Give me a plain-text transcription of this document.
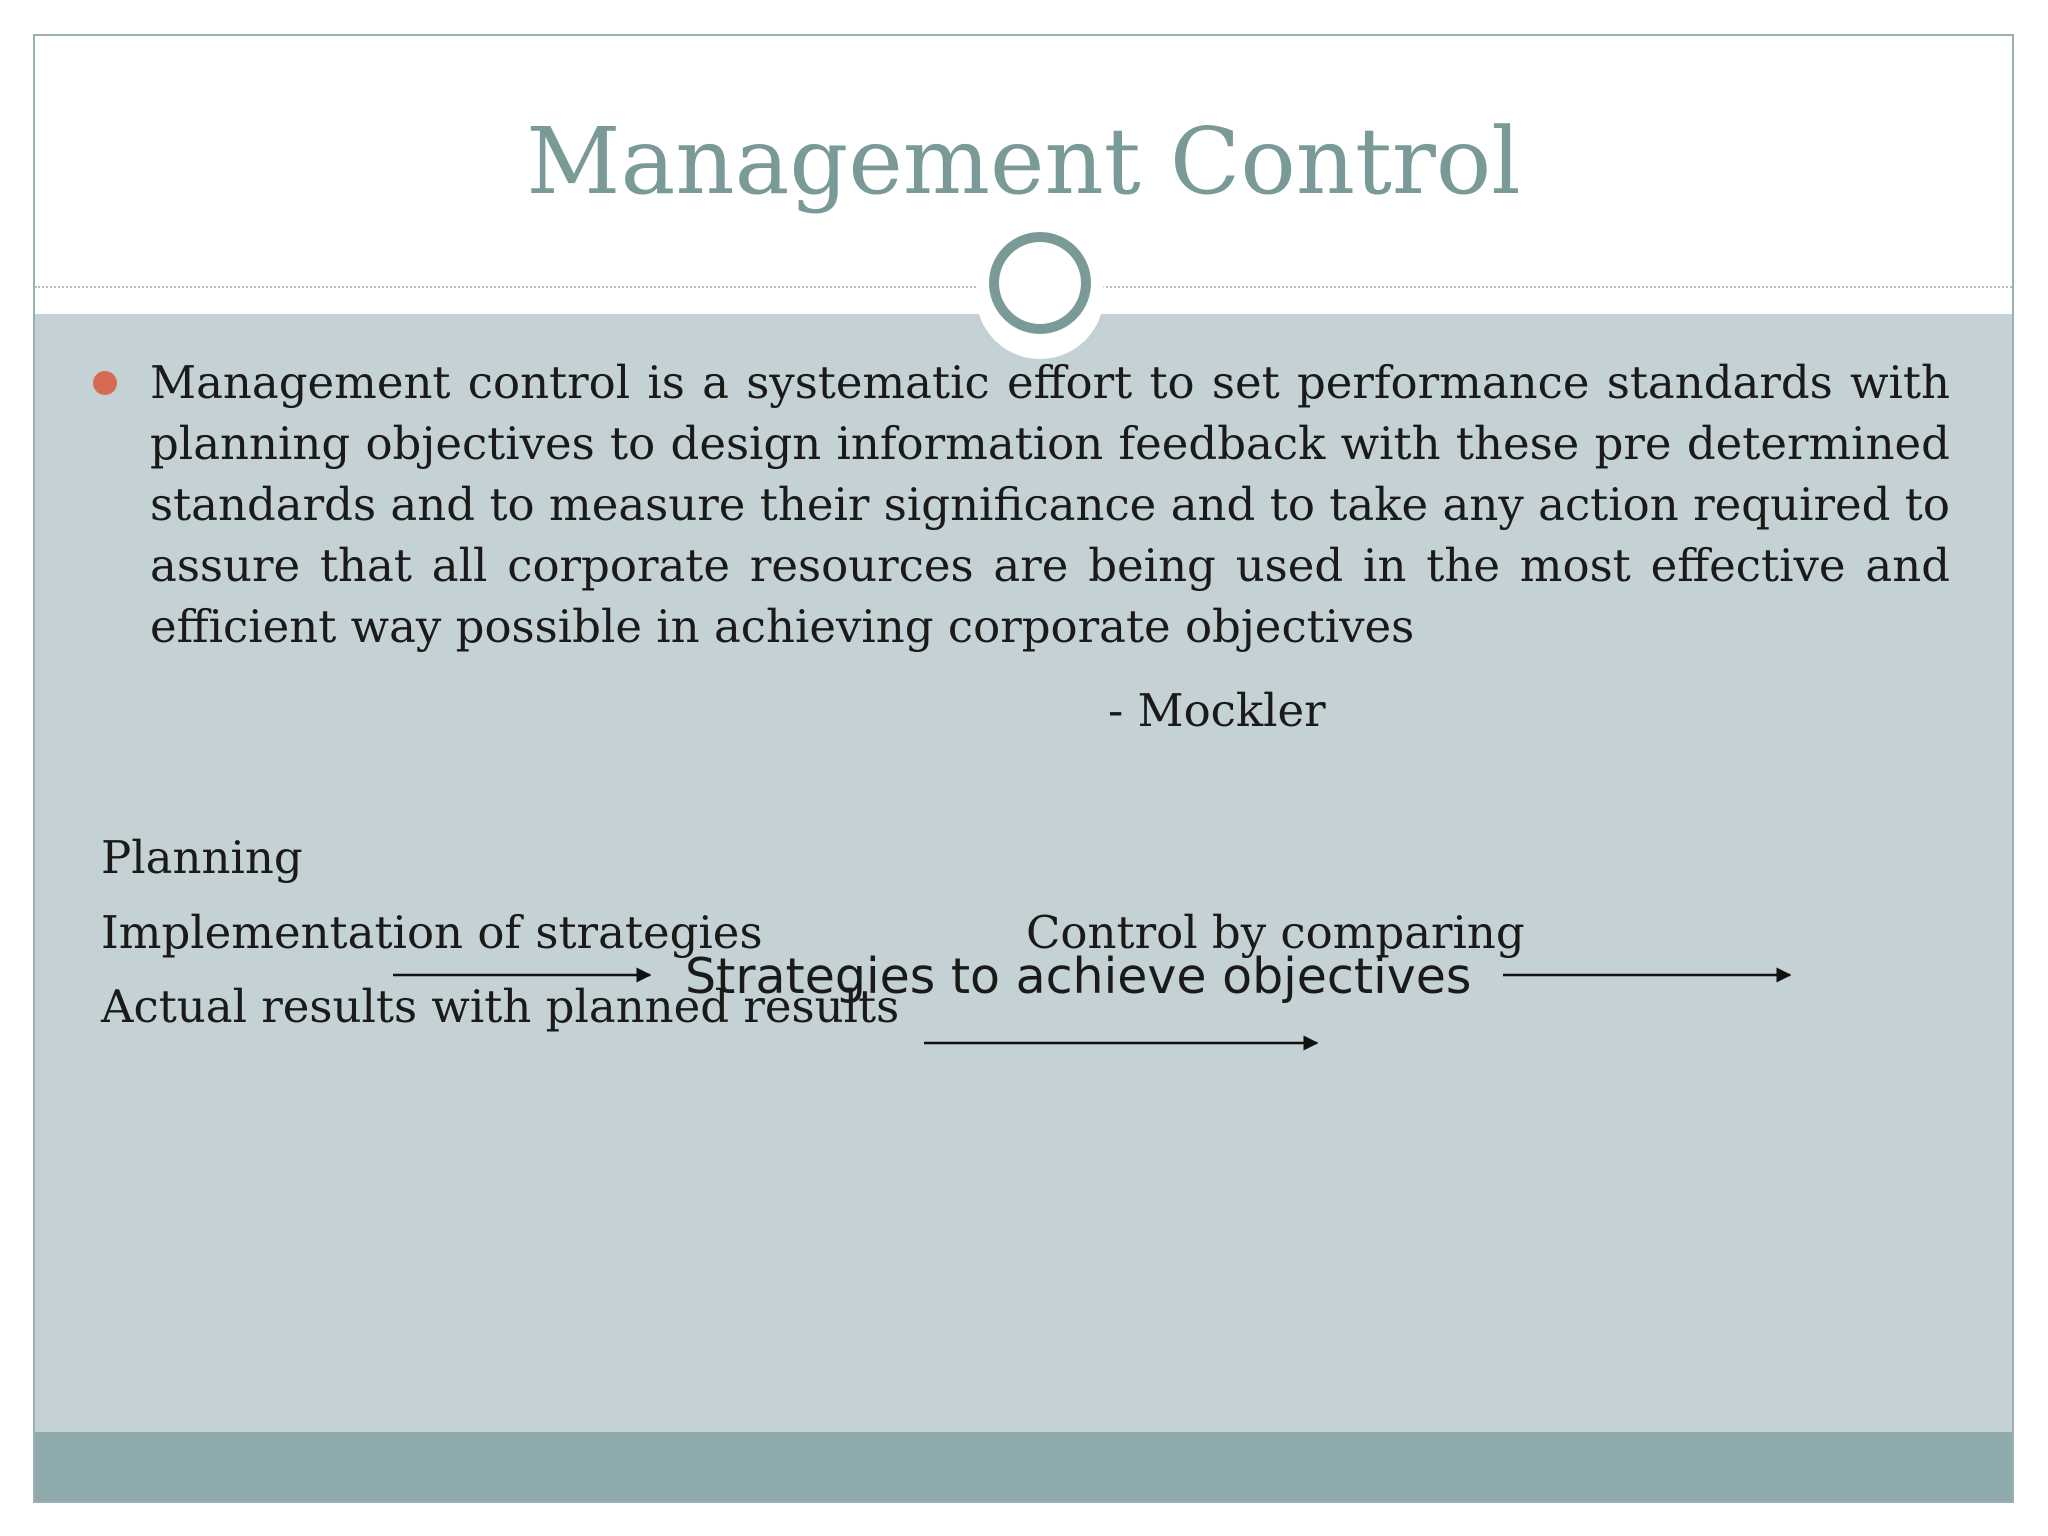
Management Control
Management control is a systematic effort to set performance standards with planning objectives to design information feedback with these pre determined standards and to measure their significance and to take any action required to assure that all corporate resources are being used in the most effective and efficient way possible in achieving corporate objectives
- Mockler
Planning
Implementation of strategies	Control by comparing
Actual results with planned results
Strategies to achieve objectives
